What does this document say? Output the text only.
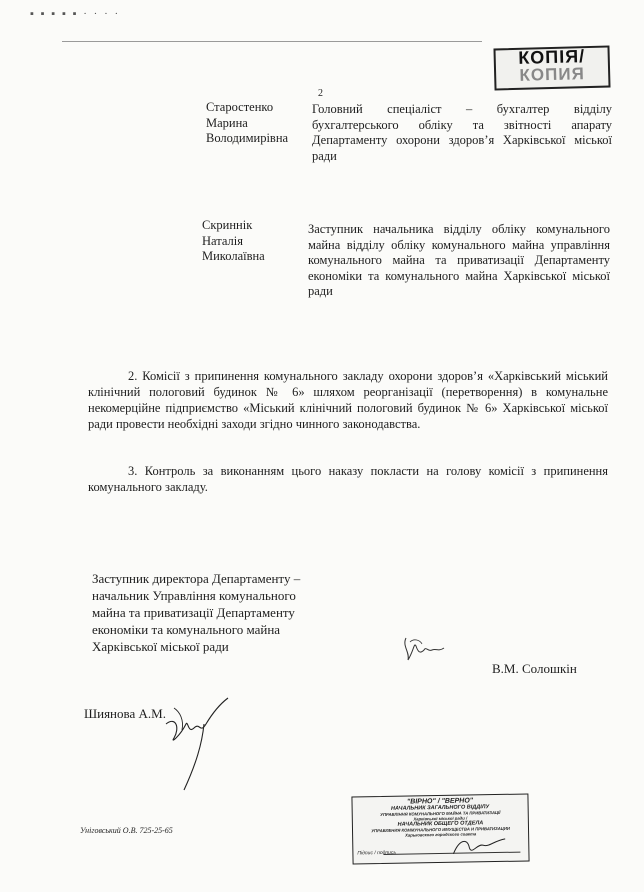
▪ ▪ ▪ ▪ ▪ · · · ·
КОПІЯ/
КОПИЯ
2
Старостенко
Марина
Володимирівна
Головний спеціаліст – бухгалтер відділу бухгалтерського обліку та звітності апарату Департаменту охорони здоров’я Харківської міської ради
Скриннік
Наталія
Миколаївна
Заступник начальника відділу обліку комунального майна відділу обліку комунального майна управління комунального майна та приватизації Департаменту економіки та комунального майна Харківської міської ради
2. Комісії з припинення комунального закладу охорони здоров’я «Харківський міський клінічний пологовий будинок № 6» шляхом реорганізації (перетворення) в комунальне некомерційне підприємство «Міський клінічний пологовий будинок № 6» Харківської міської ради провести необхідні заходи згідно чинного законодавства.
3. Контроль за виконанням цього наказу покласти на голову комісії з припинення комунального закладу.
Заступник директора Департаменту –
начальник Управління комунального
майна та приватизації Департаменту
економіки та комунального майна
Харківської міської ради
В.М. Солошкін
Шиянова А.М.
Уніговський О.В. 725-25-65
"ВІРНО" / "ВЕРНО"
НАЧАЛЬНИК ЗАГАЛЬНОГО ВІДДІЛУ
УПРАВЛІННЯ КОМУНАЛЬНОГО МАЙНА ТА ПРИВАТИЗАЦІЇ
Харківської міської ради /
НАЧАЛЬНИК ОБЩЕГО ОТДЕЛА
УПРАВЛЕНИЯ КОММУНАЛЬНОГО ИМУЩЕСТВА И ПРИВАТИЗАЦИИ
Харьковского городского совета
Підпис / подпись
